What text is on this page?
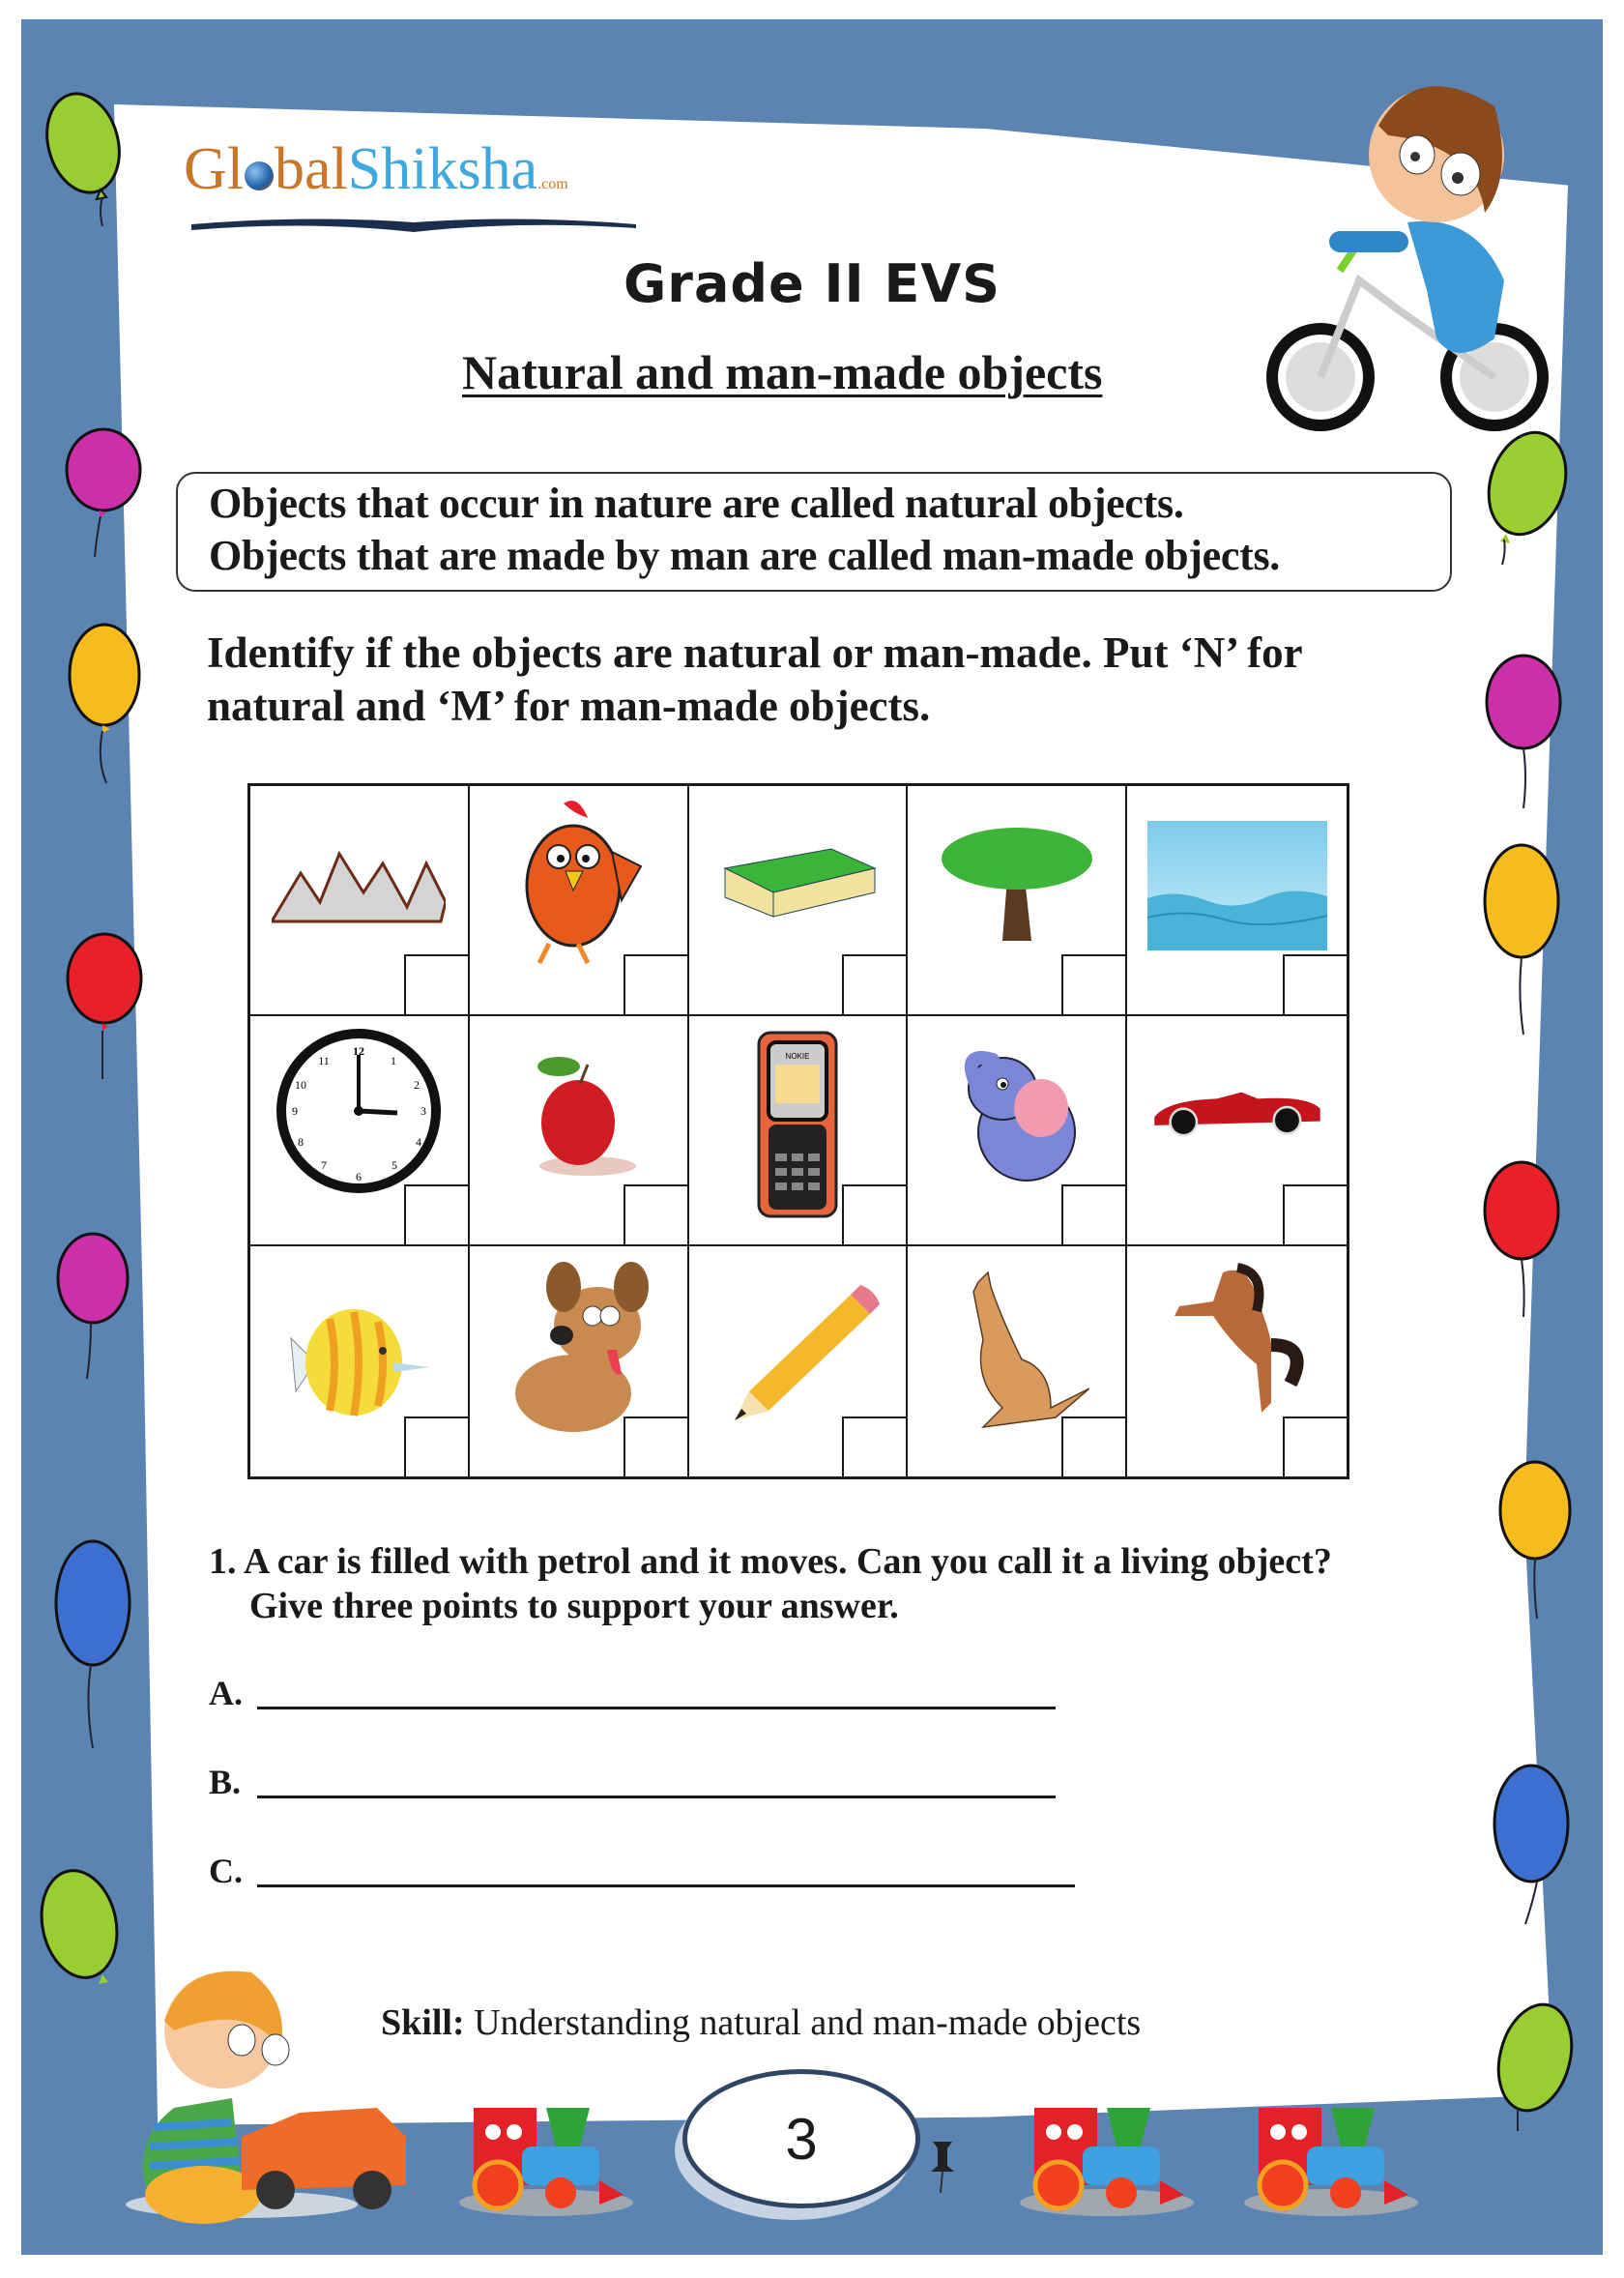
Gl balShiksha.com
Grade II EVS
Natural and man-made objects

Objects that occur in nature are called natural objects.

Objects that are made by man are called man-made objects.

Identify if the objects are natural or man-made. Put ‘N’ for natural and ‘M’ for man-made objects.
12
1
2
3
4
5
6
7
8
9
10
11	NOKIE
1. A car is filled with petrol and it moves. Can you call it a living object?
Give three points to support your answer.
A.
B.
C.
Skill: Understanding natural and man-made objects
3
